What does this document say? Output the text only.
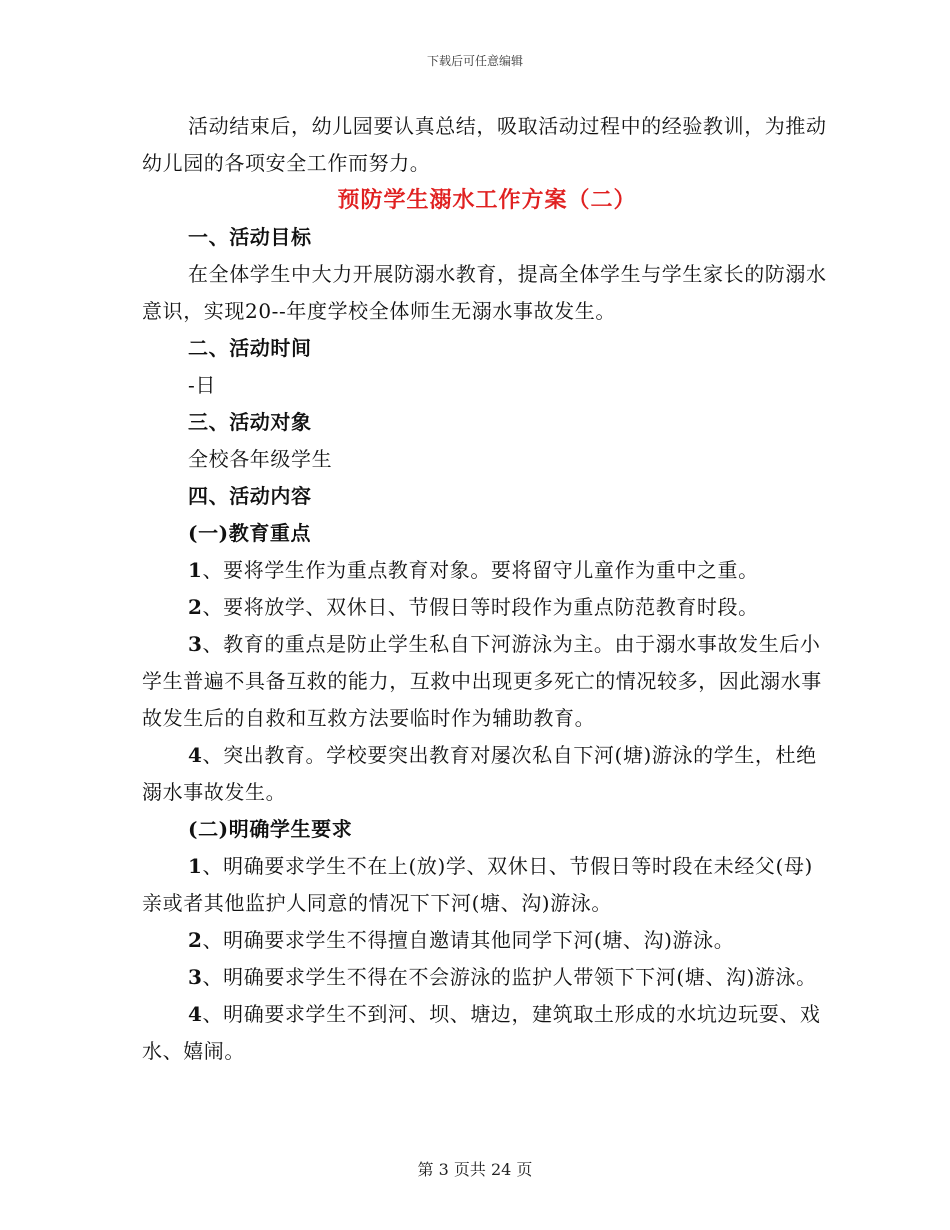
下载后可任意编辑

活动结束后，幼儿园要认真总结，吸取活动过程中的经验教训，为推动幼儿园的各项安全工作而努力。

预防学生溺水工作方案（二）

一、活动目标

在全体学生中大力开展防溺水教育，提高全体学生与学生家长的防溺水意识，实现20--年度学校全体师生无溺水事故发生。

二、活动时间
-日
三、活动对象
全校各年级学生
四、活动内容
(一)教育重点

1、要将学生作为重点教育对象。要将留守儿童作为重中之重。

2、要将放学、双休日、节假日等时段作为重点防范教育时段。

3、教育的重点是防止学生私自下河游泳为主。由于溺水事故发生后小学生普遍不具备互救的能力，互救中出现更多死亡的情况较多，因此溺水事故发生后的自救和互救方法要临时作为辅助教育。

4、突出教育。学校要突出教育对屡次私自下河(塘)游泳的学生，杜绝溺水事故发生。

(二)明确学生要求

1、明确要求学生不在上(放)学、双休日、节假日等时段在未经父(母)亲或者其他监护人同意的情况下下河(塘、沟)游泳。

2、明确要求学生不得擅自邀请其他同学下河(塘、沟)游泳。

3、明确要求学生不得在不会游泳的监护人带领下下河(塘、沟)游泳。

4、明确要求学生不到河、坝、塘边，建筑取土形成的水坑边玩耍、戏水、嬉闹。

第 3 页共 24 页
